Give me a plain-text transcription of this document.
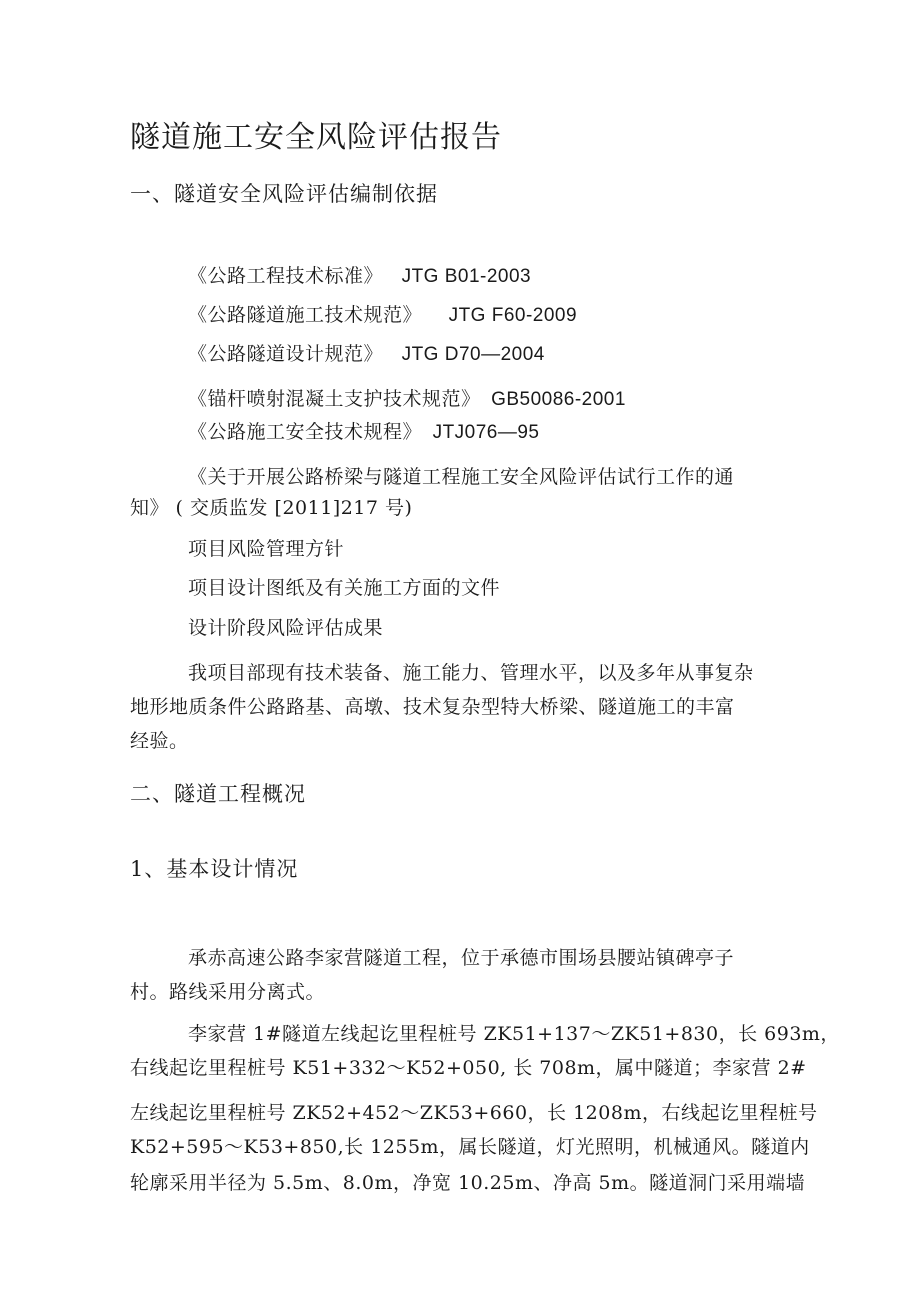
隧道施工安全风险评估报告
一、隧道安全风险评估编制依据
《公路工程技术标准》 JTG B01-2003
《公路隧道施工技术规范》 JTG F60-2009
《公路隧道设计规范》 JTG D70—2004
《锚杆喷射混凝土支护技术规范》 GB50086-2001
《公路施工安全技术规程》 JTJ076—95
《关于开展公路桥梁与隧道工程施工安全风险评估试行工作的通
知》 ( 交质监发 [2011]217 号)
项目风险管理方针
项目设计图纸及有关施工方面的文件
设计阶段风险评估成果
我项目部现有技术装备、施工能力、管理水平，以及多年从事复杂
地形地质条件公路路基、高墩、技术复杂型特大桥梁、隧道施工的丰富
经验。
二、隧道工程概况
1、基本设计情况
承赤高速公路李家营隧道工程，位于承德市围场县腰站镇碑亭子
村。路线采用分离式。
李家营 1#隧道左线起讫里程桩号 ZK51+137～ZK51+830，长 693m，
右线起讫里程桩号 K51+332～K52+050, 长 708m，属中隧道；李家营 2#
左线起讫里程桩号 ZK52+452～ZK53+660，长 1208m，右线起讫里程桩号
K52+595～K53+850,长 1255m，属长隧道，灯光照明，机械通风。隧道内
轮廓采用半径为 5.5m、8.0m，净宽 10.25m、净高 5m。隧道洞门采用端墙
